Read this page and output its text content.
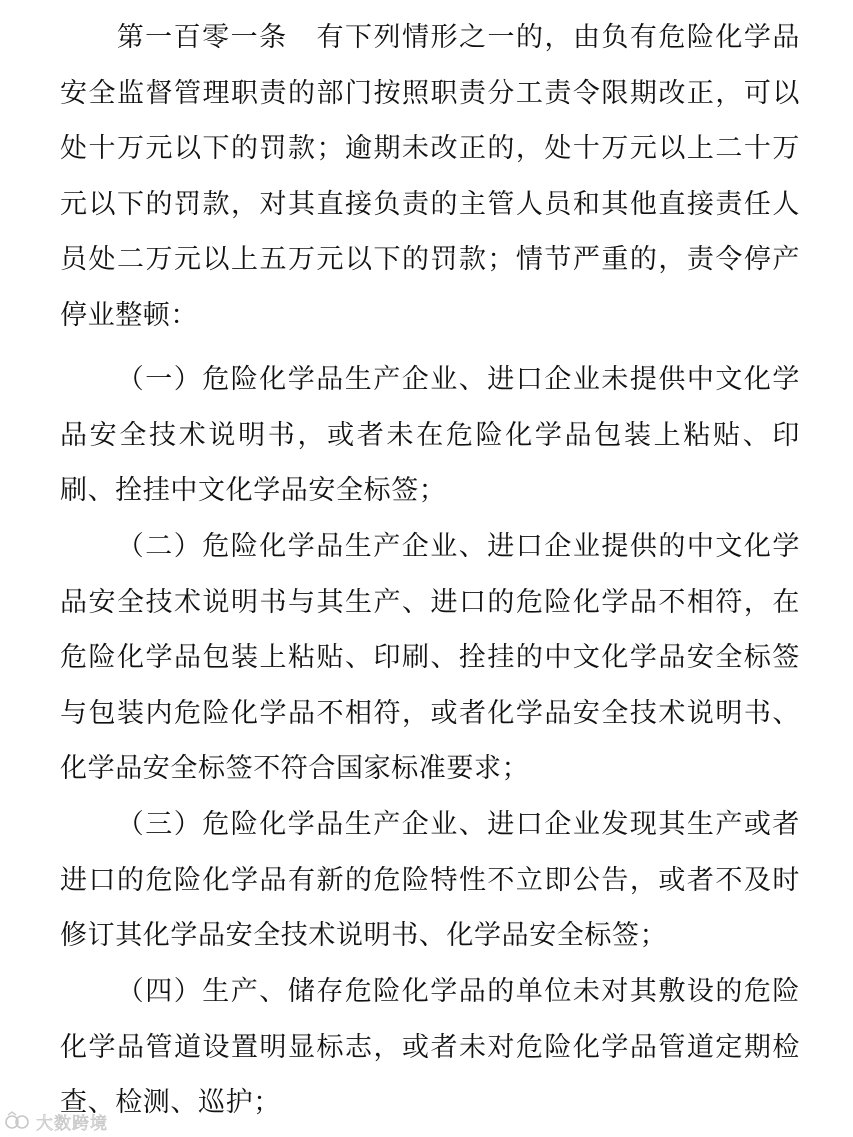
第一百零一条 有下列情形之一的，由负有危险化学品安全监督管理职责的部门按照职责分工责令限期改正，可以处十万元以下的罚款；逾期未改正的，处十万元以上二十万元以下的罚款，对其直接负责的主管人员和其他直接责任人员处二万元以上五万元以下的罚款；情节严重的，责令停产停业整顿：

（一）危险化学品生产企业、进口企业未提供中文化学品安全技术说明书，或者未在危险化学品包装上粘贴、印刷、拴挂中文化学品安全标签；

（二）危险化学品生产企业、进口企业提供的中文化学品安全技术说明书与其生产、进口的危险化学品不相符，在危险化学品包装上粘贴、印刷、拴挂的中文化学品安全标签与包装内危险化学品不相符，或者化学品安全技术说明书、化学品安全标签不符合国家标准要求；

（三）危险化学品生产企业、进口企业发现其生产或者进口的危险化学品有新的危险特性不立即公告，或者不及时修订其化学品安全技术说明书、化学品安全标签；

（四）生产、储存危险化学品的单位未对其敷设的危险化学品管道设置明显标志，或者未对危险化学品管道定期检查、检测、巡护；

大数跨境
